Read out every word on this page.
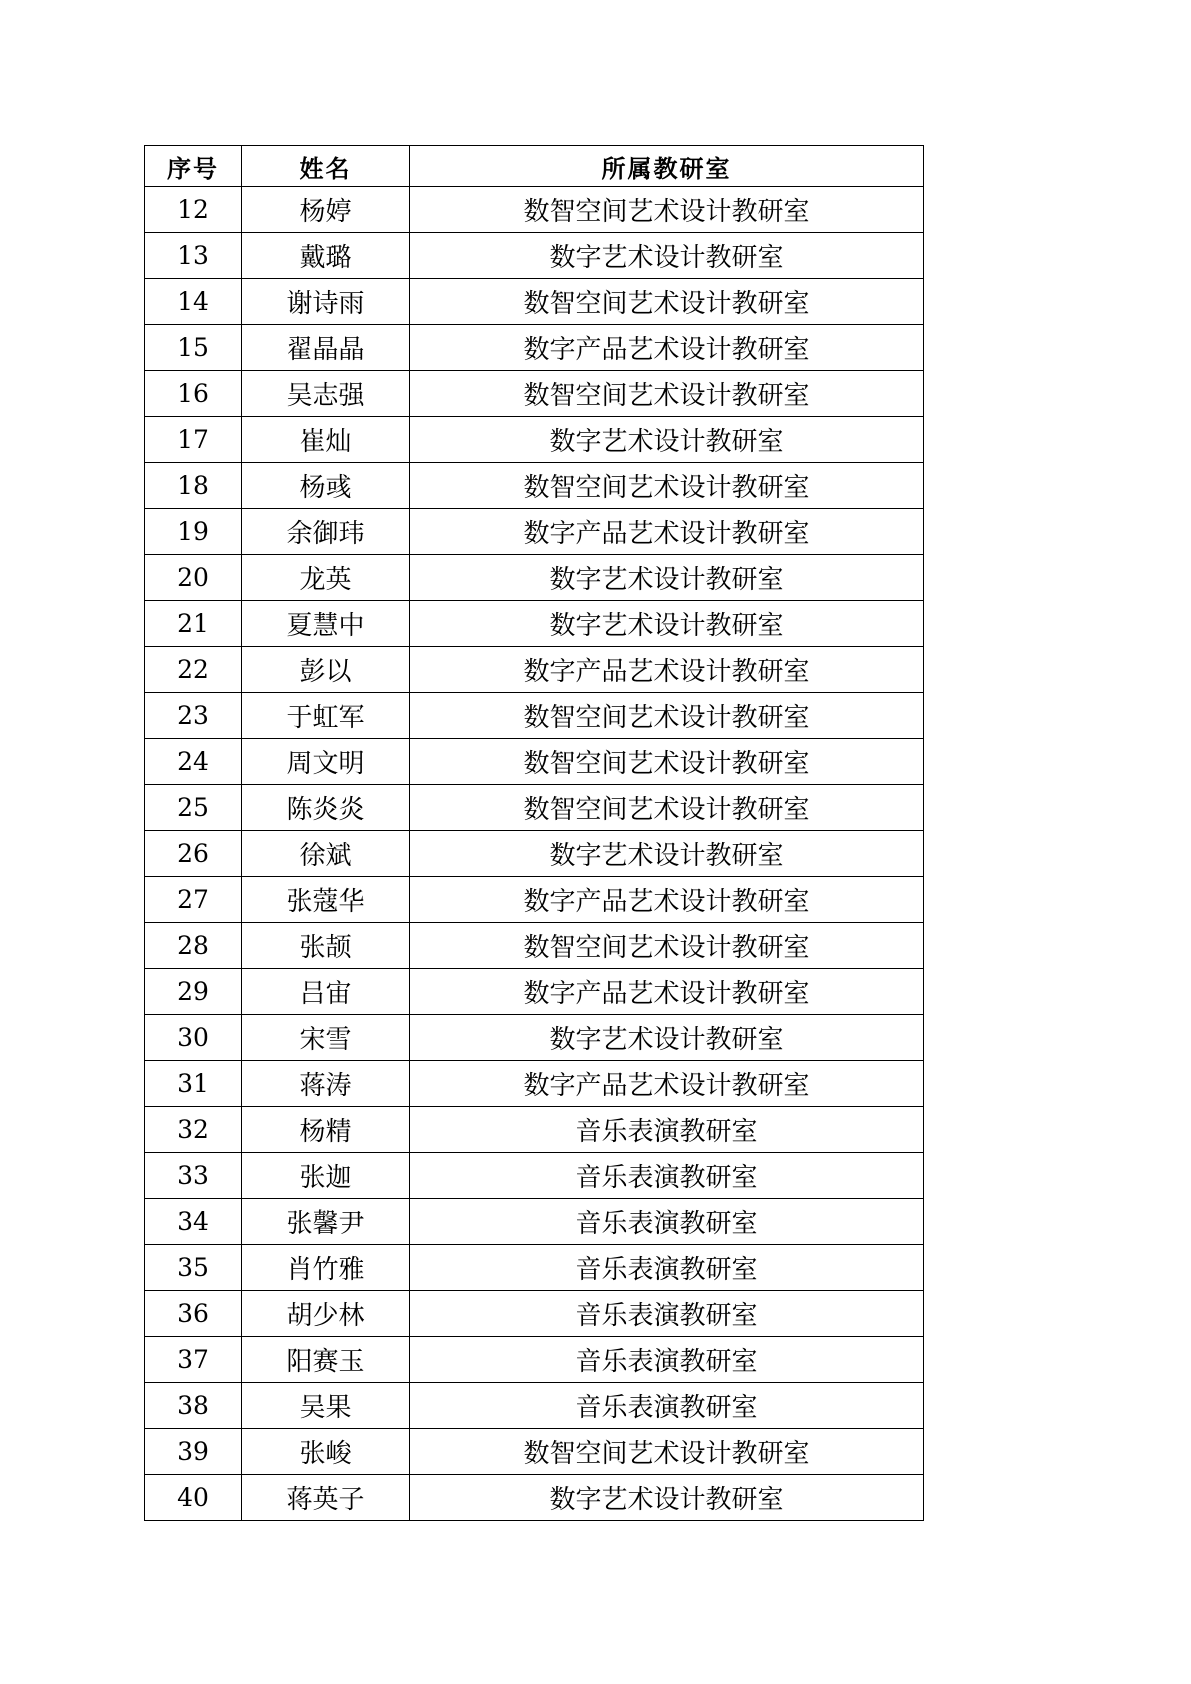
序号	姓名	所属教研室
12	杨婷	数智空间艺术设计教研室
13	戴璐	数字艺术设计教研室
14	谢诗雨	数智空间艺术设计教研室
15	翟晶晶	数字产品艺术设计教研室
16	吴志强	数智空间艺术设计教研室
17	崔灿	数字艺术设计教研室
18	杨彧	数智空间艺术设计教研室
19	余御玮	数字产品艺术设计教研室
20	龙英	数字艺术设计教研室
21	夏慧中	数字艺术设计教研室
22	彭以	数字产品艺术设计教研室
23	于虹军	数智空间艺术设计教研室
24	周文明	数智空间艺术设计教研室
25	陈炎炎	数智空间艺术设计教研室
26	徐斌	数字艺术设计教研室
27	张蔻华	数字产品艺术设计教研室
28	张颉	数智空间艺术设计教研室
29	吕宙	数字产品艺术设计教研室
30	宋雪	数字艺术设计教研室
31	蒋涛	数字产品艺术设计教研室
32	杨精	音乐表演教研室
33	张迦	音乐表演教研室
34	张馨尹	音乐表演教研室
35	肖竹雅	音乐表演教研室
36	胡少林	音乐表演教研室
37	阳赛玉	音乐表演教研室
38	吴果	音乐表演教研室
39	张峻	数智空间艺术设计教研室
40	蒋英子	数字艺术设计教研室
